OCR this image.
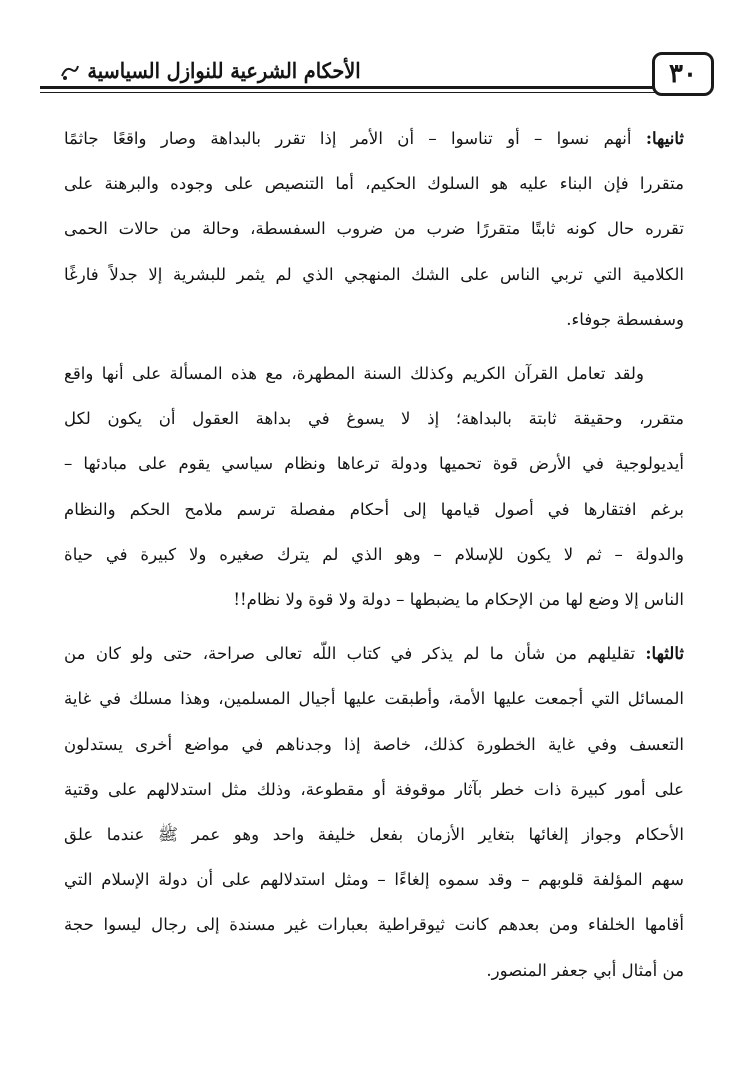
الأحكام الشرعية للنوازل السياسية	٣٠
ثانيها: أنهم نسوا – أو تناسوا – أن الأمر إذا تقرر بالبداهة وصار واقعًا جاثمًا
متقررا فإن البناء عليه هو السلوك الحكيم، أما التنصيص على وجوده والبرهنة على
تقرره حال كونه ثابتًا متقررًا ضرب من ضروب السفسطة، وحالة من حالات الحمى
الكلامية التي تربي الناس على الشك المنهجي الذي لم يثمر للبشرية إلا جدلاً فارغًا
وسفسطة جوفاء.
ولقد تعامل القرآن الكريم وكذلك السنة المطهرة، مع هذه المسألة على أنها واقع
متقرر، وحقيقة ثابتة بالبداهة؛ إذ لا يسوغ في بداهة العقول أن يكون لكل
أيديولوجية في الأرض قوة تحميها ودولة ترعاها ونظام سياسي يقوم على مبادئها –
برغم افتقارها في أصول قيامها إلى أحكام مفصلة ترسم ملامح الحكم والنظام
والدولة – ثم لا يكون للإسلام – وهو الذي لم يترك صغيره ولا كبيرة في حياة
الناس إلا وضع لها من الإحكام ما يضبطها – دولة ولا قوة ولا نظام!!
ثالثها: تقليلهم من شأن ما لم يذكر في كتاب اللّه تعالى صراحة، حتى ولو كان من
المسائل التي أجمعت عليها الأمة، وأطبقت عليها أجيال المسلمين، وهذا مسلك في غاية
التعسف وفي غاية الخطورة كذلك، خاصة إذا وجدناهم في مواضع أخرى يستدلون
على أمور كبيرة ذات خطر بآثار موقوفة أو مقطوعة، وذلك مثل استدلالهم على وقتية
الأحكام وجواز إلغائها بتغاير الأزمان بفعل خليفة واحد وهو عمر ﷺ عندما علق
سهم المؤلفة قلوبهم – وقد سموه إلغاءًا – ومثل استدلالهم على أن دولة الإسلام التي
أقامها الخلفاء ومن بعدهم كانت ثيوقراطية بعبارات غير مسندة إلى رجال ليسوا حجة
من أمثال أبي جعفر المنصور.
